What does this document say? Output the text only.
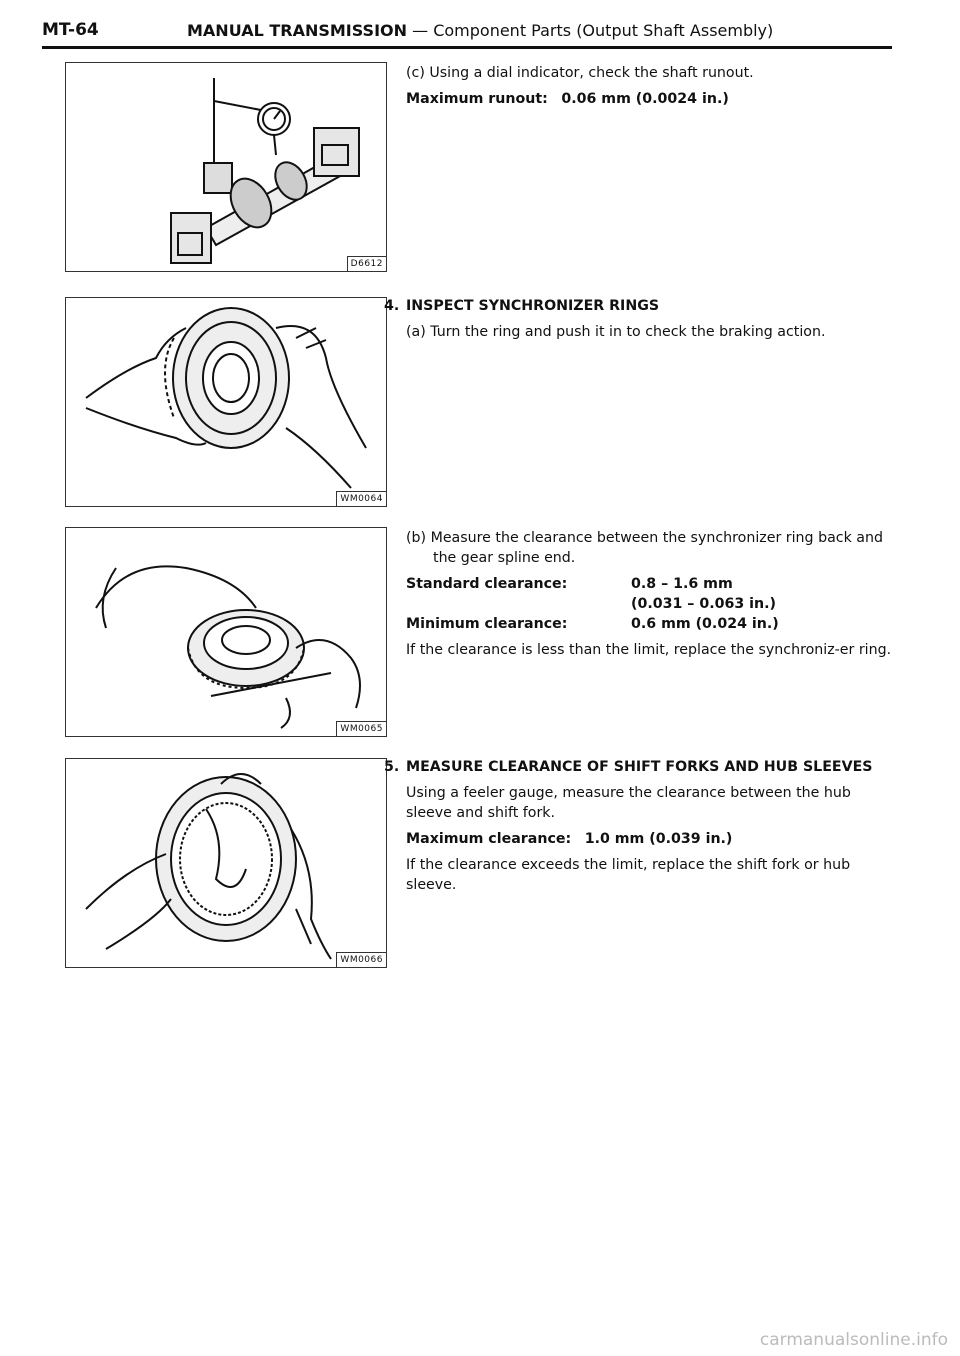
MT-64	MANUAL TRANSMISSION — Component Parts (Output Shaft Assembly)
D6612
WM0064
WM0065
WM0066

(c) Using a dial indicator, check the shaft runout.

Maximum runout: 0.06 mm (0.0024 in.)

4. INSPECT SYNCHRONIZER RINGS

(a) Turn the ring and push it in to check the braking action.

(b) Measure the clearance between the synchronizer ring back and the gear spline end.

Standard clearance:	0.8 – 1.6 mm
(0.031 – 0.063 in.)
Minimum clearance:	0.6 mm (0.024 in.)

If the clearance is less than the limit, replace the synchroniz-er ring.

5. MEASURE CLEARANCE OF SHIFT FORKS AND HUB SLEEVES

Using a feeler gauge, measure the clearance between the hub sleeve and shift fork.

Maximum clearance: 1.0 mm (0.039 in.)

If the clearance exceeds the limit, replace the shift fork or hub sleeve.

carmanualsonline.info
